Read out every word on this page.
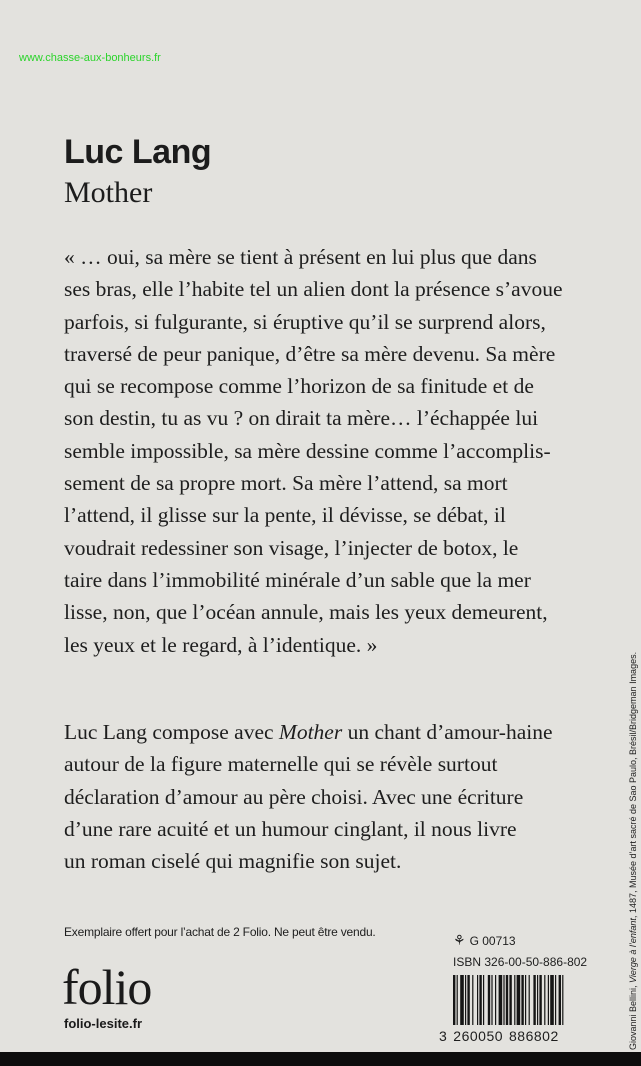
www.chasse-aux-bonheurs.fr
Luc Lang
Mother

« … oui, sa mère se tient à présent en lui plus que dans
ses bras, elle l’habite tel un alien dont la présence s’avoue
parfois, si fulgurante, si éruptive qu’il se surprend alors,
traversé de peur panique, d’être sa mère devenu. Sa mère
qui se recompose comme l’horizon de sa finitude et de
son destin, tu as vu ? on dirait ta mère… l’échappée lui
semble impossible, sa mère dessine comme l’accomplis-
sement de sa propre mort. Sa mère l’attend, sa mort
l’attend, il glisse sur la pente, il dévisse, se débat, il
voudrait redessiner son visage, l’injecter de botox, le
taire dans l’immobilité minérale d’un sable que la mer
lisse, non, que l’océan annule, mais les yeux demeurent,
les yeux et le regard, à l’identique. »

Luc Lang compose avec Mother un chant d’amour-haine
autour de la figure maternelle qui se révèle surtout
déclaration d’amour au père choisi. Avec une écriture
d’une rare acuité et un humour cinglant, il nous livre
un roman ciselé qui magnifie son sujet.

Exemplaire offert pour l’achat de 2 Folio. Ne peut être vendu.
folio
folio-lesite.fr
⚘ G 00713
ISBN 326-00-50-886-802
3 260050 886802	Giovanni Bellini, Vierge à l’enfant, 1487, Musée d’art sacré de Sao Paulo, Brésil/Bridgeman Images.
